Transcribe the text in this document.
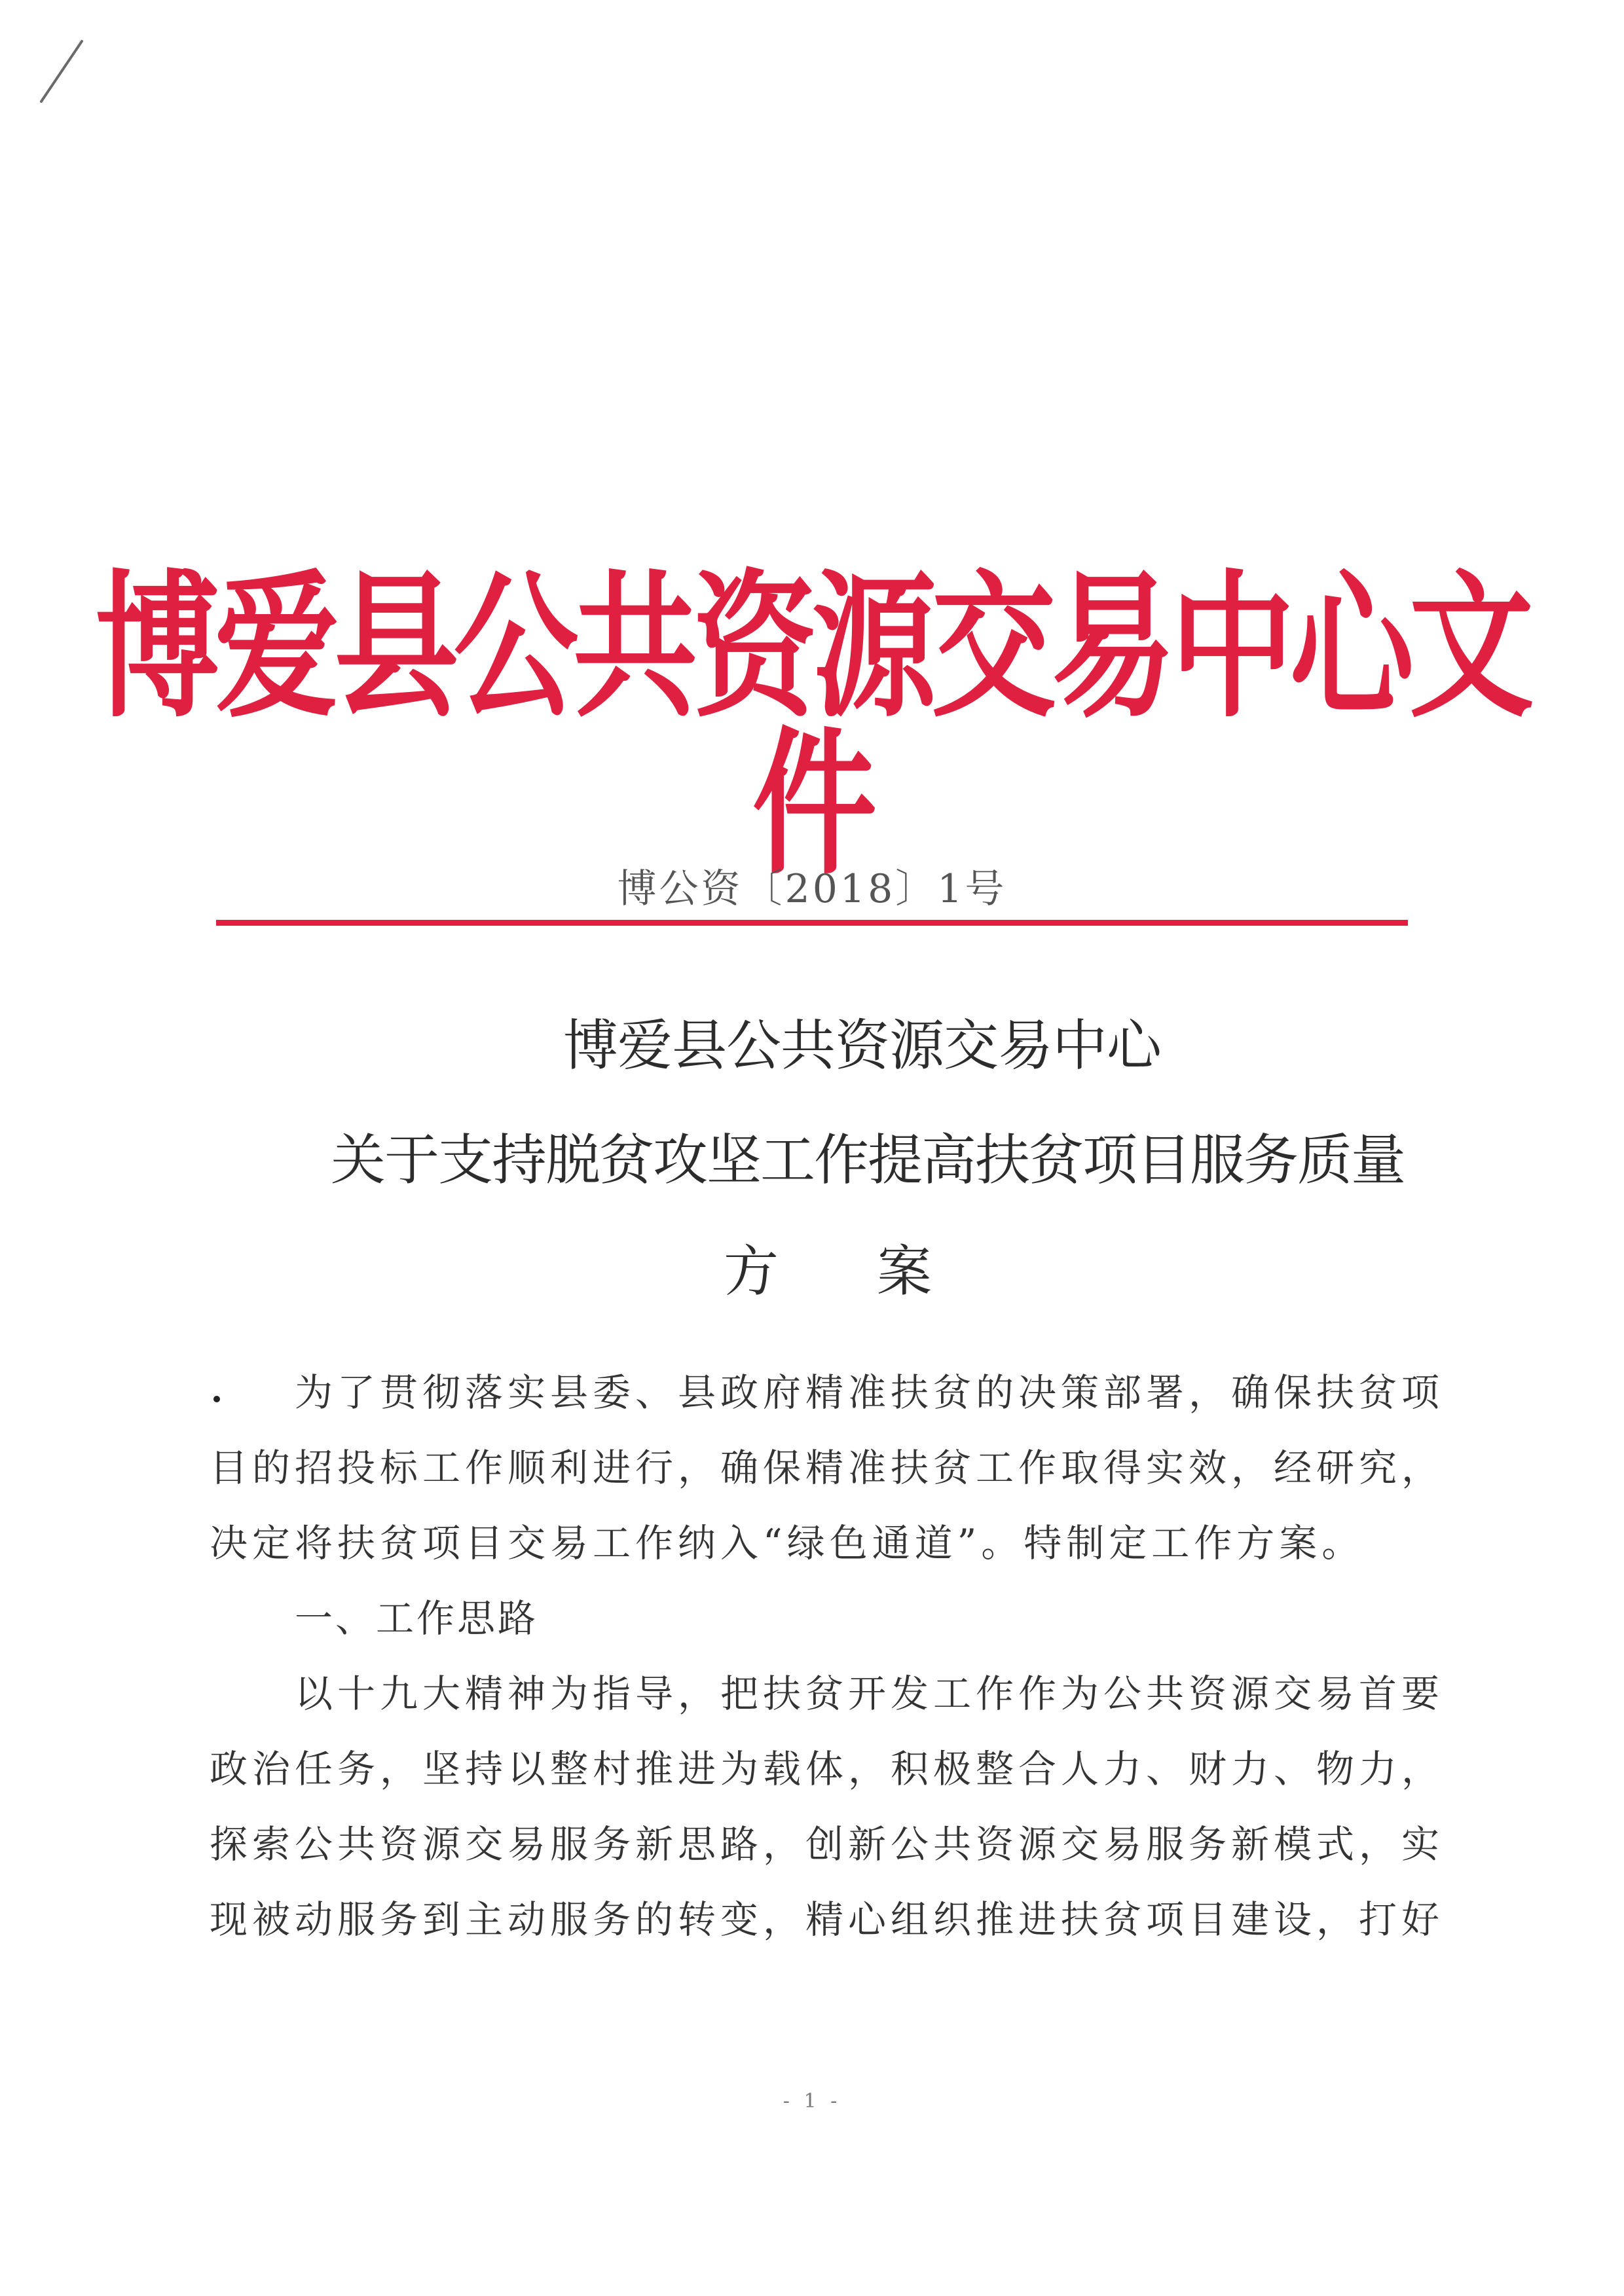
博爱县公共资源交易中心文件
博公资〔2018〕1号
博爱县公共资源交易中心
关于支持脱贫攻坚工作提高扶贫项目服务质量
方案
为了贯彻落实县委、县政府精准扶贫的决策部署，确保扶贫项
目的招投标工作顺利进行，确保精准扶贫工作取得实效，经研究，
决定将扶贫项目交易工作纳入“绿色通道”。特制定工作方案。
一、工作思路
以十九大精神为指导，把扶贫开发工作作为公共资源交易首要
政治任务，坚持以整村推进为载体，积极整合人力、财力、物力，
探索公共资源交易服务新思路，创新公共资源交易服务新模式，实
现被动服务到主动服务的转变，精心组织推进扶贫项目建设，打好
- 1 -
